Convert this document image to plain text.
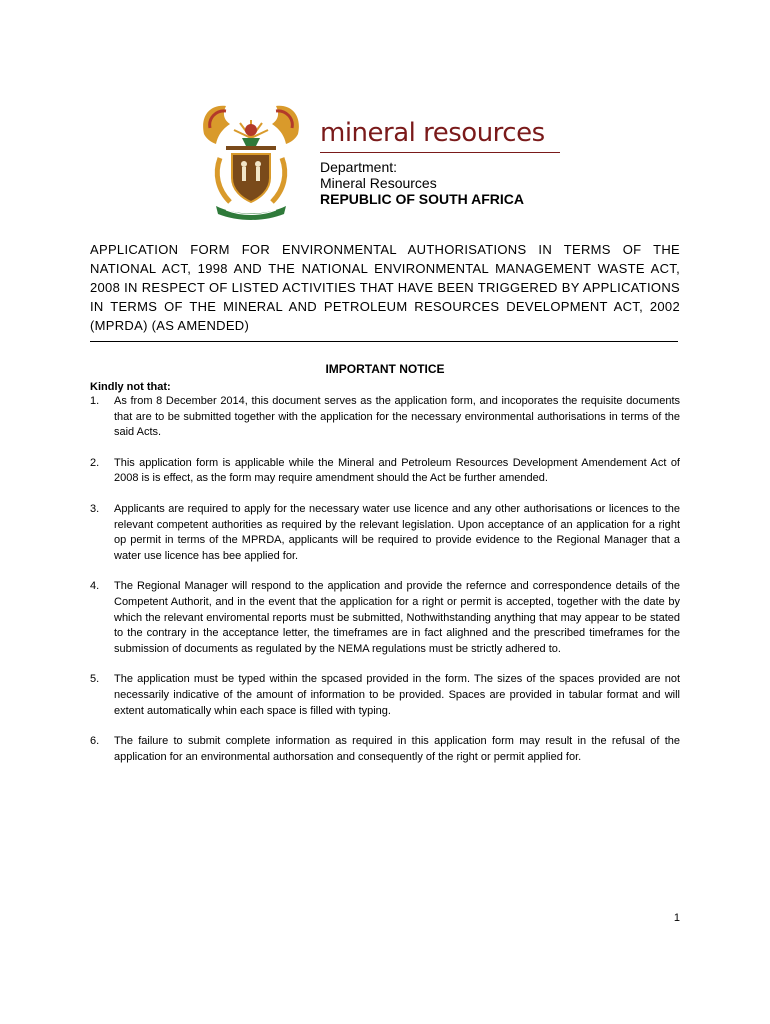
mineral resources

Department:

Mineral Resources

REPUBLIC OF SOUTH AFRICA

APPLICATION FORM FOR ENVIRONMENTAL AUTHORISATIONS IN TERMS OF THE NATIONAL ACT, 1998 AND THE NATIONAL ENVIRONMENTAL MANAGEMENT WASTE ACT, 2008 IN RESPECT OF LISTED ACTIVITIES THAT HAVE BEEN TRIGGERED BY APPLICATIONS IN TERMS OF THE MINERAL AND PETROLEUM RESOURCES DEVELOPMENT ACT, 2002 (MPRDA) (AS AMENDED)
IMPORTANT NOTICE
Kindly not that:
1.	As from 8 December 2014, this document serves as the application form, and incoporates the requisite documents that are to be submitted together with the application for the necessary environmental authorisations in terms of the said Acts.
2.	This application form is applicable while the Mineral and Petroleum Resources Development Amendement Act of 2008 is is effect, as the form may require amendment should the Act be further amended.
3.	Applicants are required to apply for the necessary water use licence and any other authorisations or licences to the relevant competent authorities as required by the relevant legislation. Upon acceptance of an application for a right op permit in terms of the MPRDA, applicants will be required to provide evidence to the Regional Manager that a water use licence has bee applied for.
4.	The Regional Manager will respond to the application and provide the refernce and correspondence details of the Competent Authorit, and in the event that the application for a right or permit is accepted, together with the date by which the relevant enviromental reports must be submitted, Nothwithstanding anything that may appear to be stated to the contrary in the acceptance letter, the timeframes are in fact alighned and the prescribed timeframes for the submission of documents as regulated by the NEMA regulations must be strictly adhered to.
5.	The application must be typed within the spcased provided in the form. The sizes of the spaces provided are not necessarily indicative of the amount of information to be provided. Spaces are provided in tabular format and will extent automatically whin each space is filled with typing.
6.	The failure to submit complete information as required in this application form may result in the refusal of the application for an environmental authorsation and consequently of the right or permit applied for.
1
